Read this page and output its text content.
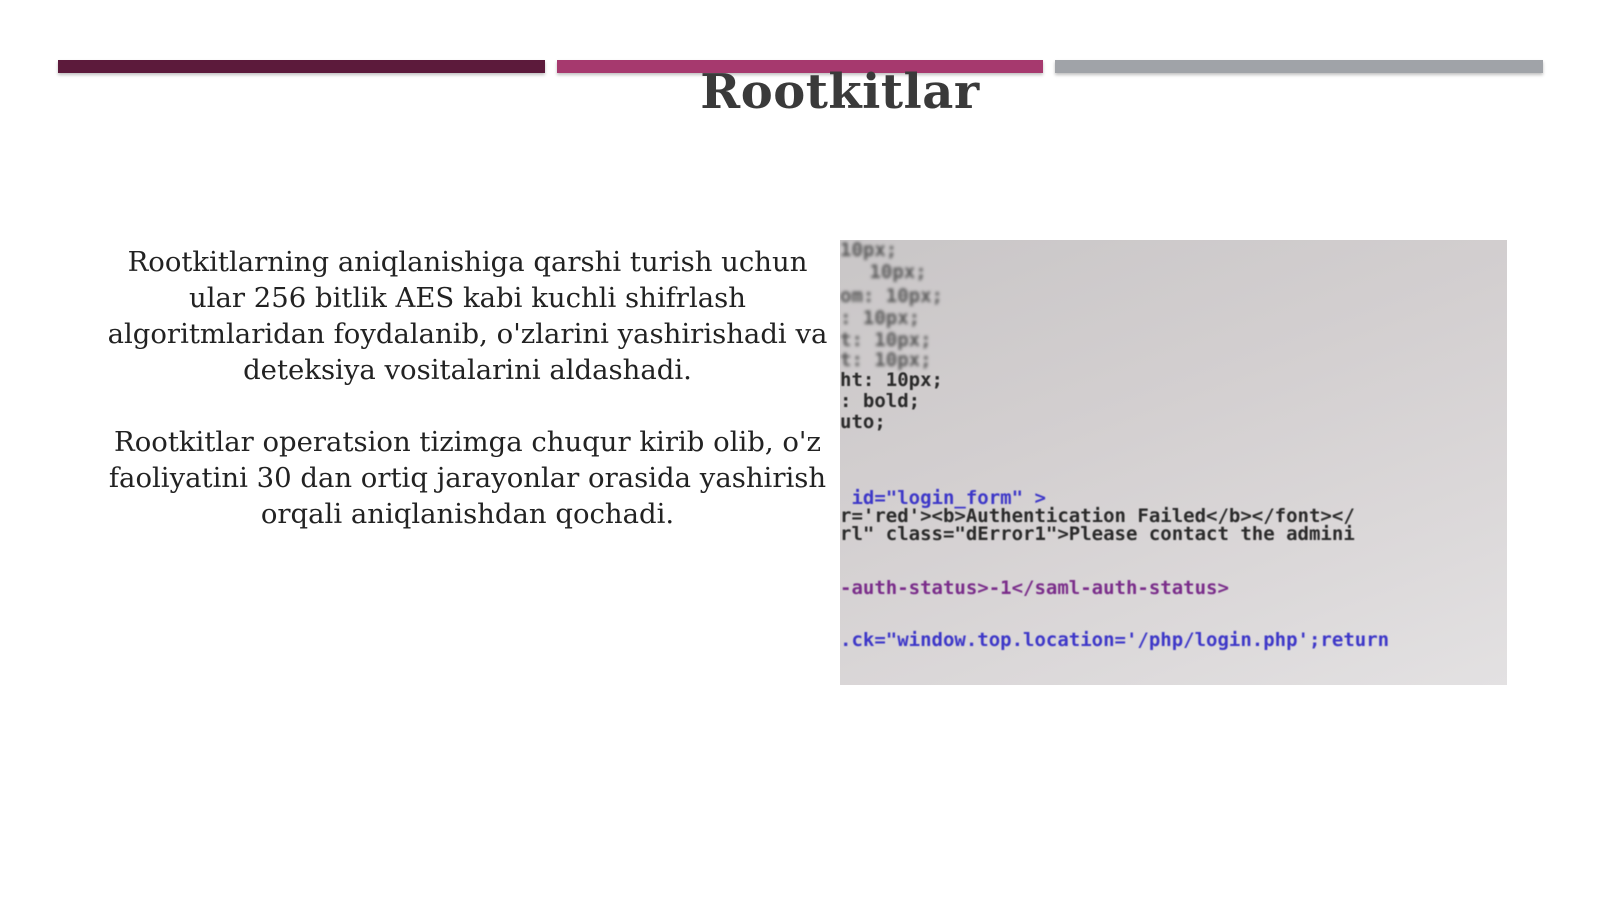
Rootkitlar

Rootkitlarning aniqlanishiga qarshi turish uchun ular 256 bitlik AES kabi kuchli shifrlash algoritmlaridan foydalanib, o'zlarini yashirishadi va deteksiya vositalarini aldashadi.

Rootkitlar operatsion tizimga chuqur kirib olib, o'z faoliyatini 30 dan ortiq jarayonlar orasida yashirish orqali aniqlanishdan qochadi.

10px;
10px;
om: 10px;
: 10px;
t: 10px;
t: 10px;
ht: 10px;
: bold;
uto;
id="login_form" >
r='red'><b>Authentication Failed</b></font></
rl" class="dError1">Please contact the admini
-auth-status>-1</saml-auth-status>
.ck="window.top.location='/php/login.php';return
